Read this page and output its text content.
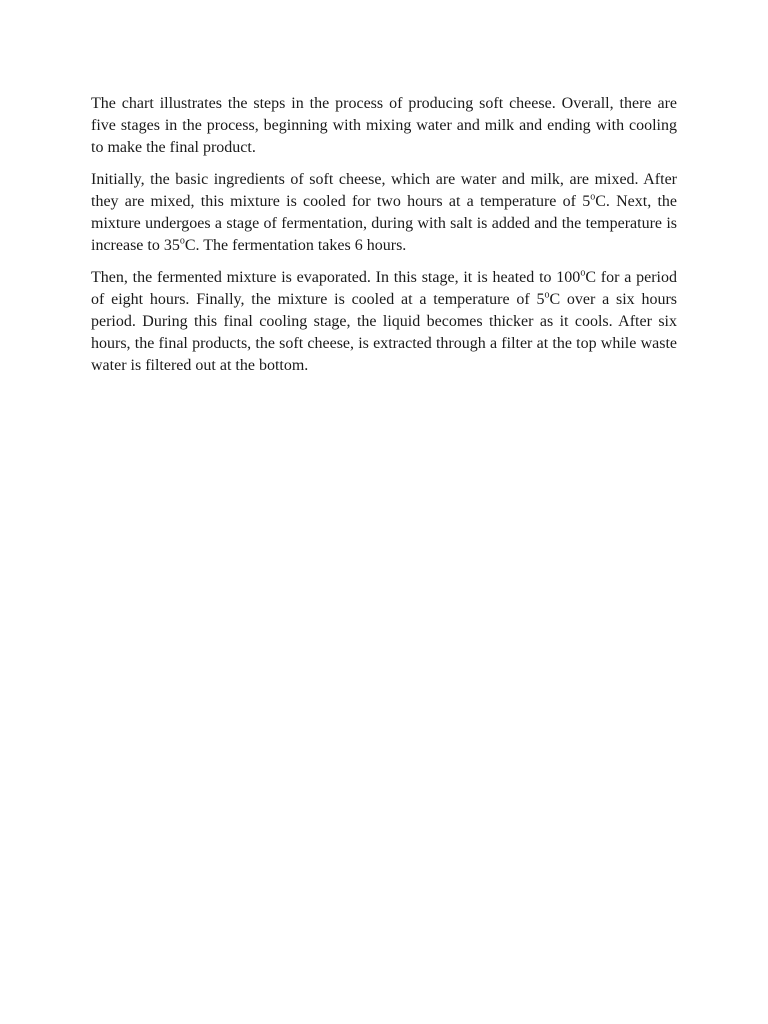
The chart illustrates the steps in the process of producing soft cheese. Overall, there are five stages in the process, beginning with mixing water and milk and ending with cooling to make the final product.

Initially, the basic ingredients of soft cheese, which are water and milk, are mixed. After they are mixed, this mixture is cooled for two hours at a temperature of 5$^o$C. Next, the mixture undergoes a stage of fermentation, during with salt is added and the temperature is increase to 35$^o$C. The fermentation takes 6 hours.

Then, the fermented mixture is evaporated. In this stage, it is heated to 100$^o$C for a period of eight hours. Finally, the mixture is cooled at a temperature of 5$^o$C over a six hours period. During this final cooling stage, the liquid becomes thicker as it cools. After six hours, the final products, the soft cheese, is extracted through a filter at the top while waste water is filtered out at the bottom.
